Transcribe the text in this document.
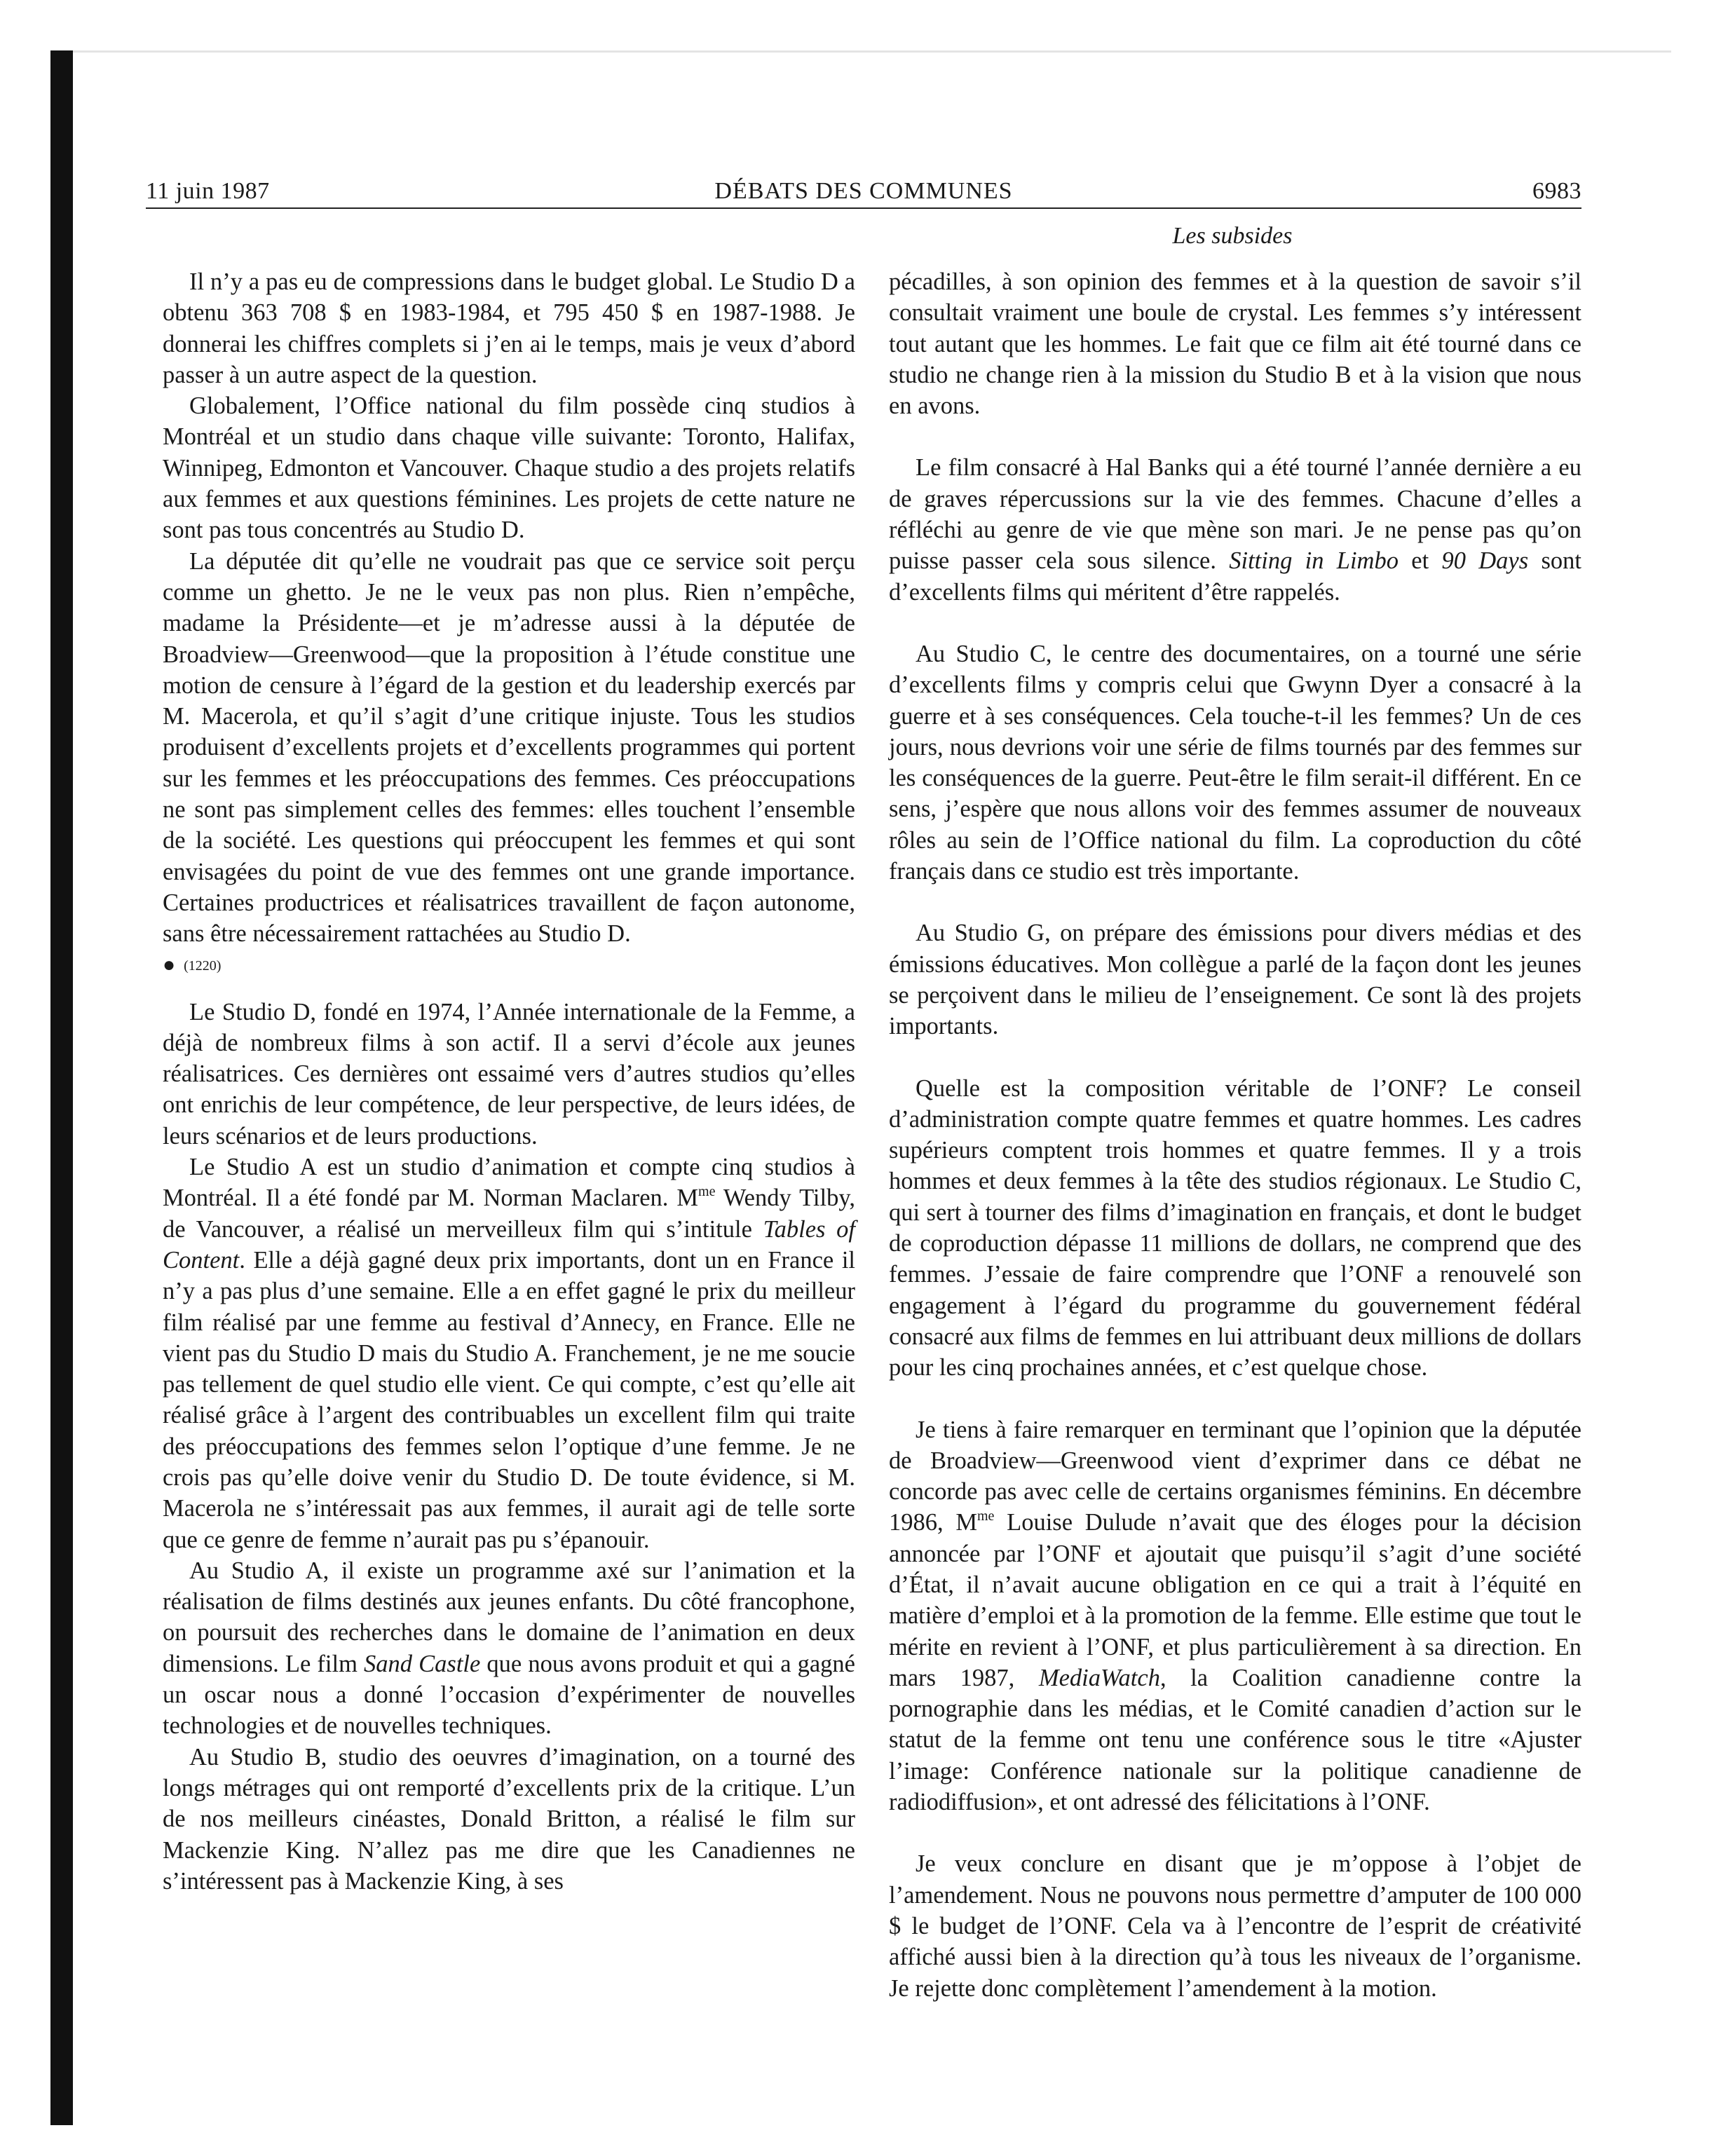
11 juin 1987	DÉBATS DES COMMUNES	6983
Les subsides

Il n’y a pas eu de compressions dans le budget global. Le Studio D a obtenu 363 708 $ en 1983-1984, et 795 450 $ en 1987-1988. Je donnerai les chiffres complets si j’en ai le temps, mais je veux d’abord passer à un autre aspect de la question.

Globalement, l’Office national du film possède cinq studios à Montréal et un studio dans chaque ville suivante: Toronto, Halifax, Winnipeg, Edmonton et Vancouver. Chaque studio a des projets relatifs aux femmes et aux questions féminines. Les projets de cette nature ne sont pas tous concentrés au Studio D.

La députée dit qu’elle ne voudrait pas que ce service soit perçu comme un ghetto. Je ne le veux pas non plus. Rien n’empêche, madame la Présidente—et je m’adresse aussi à la députée de Broadview—Greenwood—que la proposition à l’étude constitue une motion de censure à l’égard de la gestion et du leadership exercés par M. Macerola, et qu’il s’agit d’une critique injuste. Tous les studios produisent d’excellents projets et d’excellents programmes qui portent sur les femmes et les préoccupations des femmes. Ces préoccupations ne sont pas simplement celles des femmes: elles touchent l’ensemble de la société. Les questions qui préoccupent les femmes et qui sont envisagées du point de vue des femmes ont une grande importance. Certaines productrices et réalisatrices travaillent de façon autonome, sans être nécessairement rattachées au Studio D.

● (1220)

Le Studio D, fondé en 1974, l’Année internationale de la Femme, a déjà de nombreux films à son actif. Il a servi d’école aux jeunes réalisatrices. Ces dernières ont essaimé vers d’autres studios qu’elles ont enrichis de leur compétence, de leur perspective, de leurs idées, de leurs scénarios et de leurs productions.

Le Studio A est un studio d’animation et compte cinq studios à Montréal. Il a été fondé par M. Norman Maclaren. $M^{me}$ Wendy Tilby, de Vancouver, a réalisé un merveilleux film qui s’intitule Tables of Content. Elle a déjà gagné deux prix importants, dont un en France il n’y a pas plus d’une semaine. Elle a en effet gagné le prix du meilleur film réalisé par une femme au festival d’Annecy, en France. Elle ne vient pas du Studio D mais du Studio A. Franchement, je ne me soucie pas tellement de quel studio elle vient. Ce qui compte, c’est qu’elle ait réalisé grâce à l’argent des contribuables un excellent film qui traite des préoccupations des femmes selon l’optique d’une femme. Je ne crois pas qu’elle doive venir du Studio D. De toute évidence, si M. Macerola ne s’intéressait pas aux femmes, il aurait agi de telle sorte que ce genre de femme n’aurait pas pu s’épanouir.

Au Studio A, il existe un programme axé sur l’animation et la réalisation de films destinés aux jeunes enfants. Du côté francophone, on poursuit des recherches dans le domaine de l’animation en deux dimensions. Le film Sand Castle que nous avons produit et qui a gagné un oscar nous a donné l’occasion d’expérimenter de nouvelles technologies et de nouvelles techniques.

Au Studio B, studio des oeuvres d’imagination, on a tourné des longs métrages qui ont remporté d’excellents prix de la critique. L’un de nos meilleurs cinéastes, Donald Britton, a réalisé le film sur Mackenzie King. N’allez pas me dire que les Canadiennes ne s’intéressent pas à Mackenzie King, à ses

pécadilles, à son opinion des femmes et à la question de savoir s’il consultait vraiment une boule de crystal. Les femmes s’y intéressent tout autant que les hommes. Le fait que ce film ait été tourné dans ce studio ne change rien à la mission du Studio B et à la vision que nous en avons.

Le film consacré à Hal Banks qui a été tourné l’année dernière a eu de graves répercussions sur la vie des femmes. Chacune d’elles a réfléchi au genre de vie que mène son mari. Je ne pense pas qu’on puisse passer cela sous silence. Sitting in Limbo et 90 Days sont d’excellents films qui méritent d’être rappelés.

Au Studio C, le centre des documentaires, on a tourné une série d’excellents films y compris celui que Gwynn Dyer a consacré à la guerre et à ses conséquences. Cela touche-t-il les femmes? Un de ces jours, nous devrions voir une série de films tournés par des femmes sur les conséquences de la guerre. Peut-être le film serait-il différent. En ce sens, j’espère que nous allons voir des femmes assumer de nouveaux rôles au sein de l’Office national du film. La coproduction du côté français dans ce studio est très importante.

Au Studio G, on prépare des émissions pour divers médias et des émissions éducatives. Mon collègue a parlé de la façon dont les jeunes se perçoivent dans le milieu de l’enseignement. Ce sont là des projets importants.

Quelle est la composition véritable de l’ONF? Le conseil d’administration compte quatre femmes et quatre hommes. Les cadres supérieurs comptent trois hommes et quatre femmes. Il y a trois hommes et deux femmes à la tête des studios régionaux. Le Studio C, qui sert à tourner des films d’imagination en français, et dont le budget de coproduction dépasse 11 millions de dollars, ne comprend que des femmes. J’essaie de faire comprendre que l’ONF a renouvelé son engagement à l’égard du programme du gouvernement fédéral consacré aux films de femmes en lui attribuant deux millions de dollars pour les cinq prochaines années, et c’est quelque chose.

Je tiens à faire remarquer en terminant que l’opinion que la députée de Broadview—Greenwood vient d’exprimer dans ce débat ne concorde pas avec celle de certains organismes féminins. En décembre 1986, $M^{me}$ Louise Dulude n’avait que des éloges pour la décision annoncée par l’ONF et ajoutait que puisqu’il s’agit d’une société d’État, il n’avait aucune obligation en ce qui a trait à l’équité en matière d’emploi et à la promotion de la femme. Elle estime que tout le mérite en revient à l’ONF, et plus particulièrement à sa direction. En mars 1987, MediaWatch, la Coalition canadienne contre la pornographie dans les médias, et le Comité canadien d’action sur le statut de la femme ont tenu une conférence sous le titre «Ajuster l’image: Conférence nationale sur la politique canadienne de radiodiffusion», et ont adressé des félicitations à l’ONF.

Je veux conclure en disant que je m’oppose à l’objet de l’amendement. Nous ne pouvons nous permettre d’amputer de 100 000 $ le budget de l’ONF. Cela va à l’encontre de l’esprit de créativité affiché aussi bien à la direction qu’à tous les niveaux de l’organisme. Je rejette donc complètement l’amendement à la motion.
